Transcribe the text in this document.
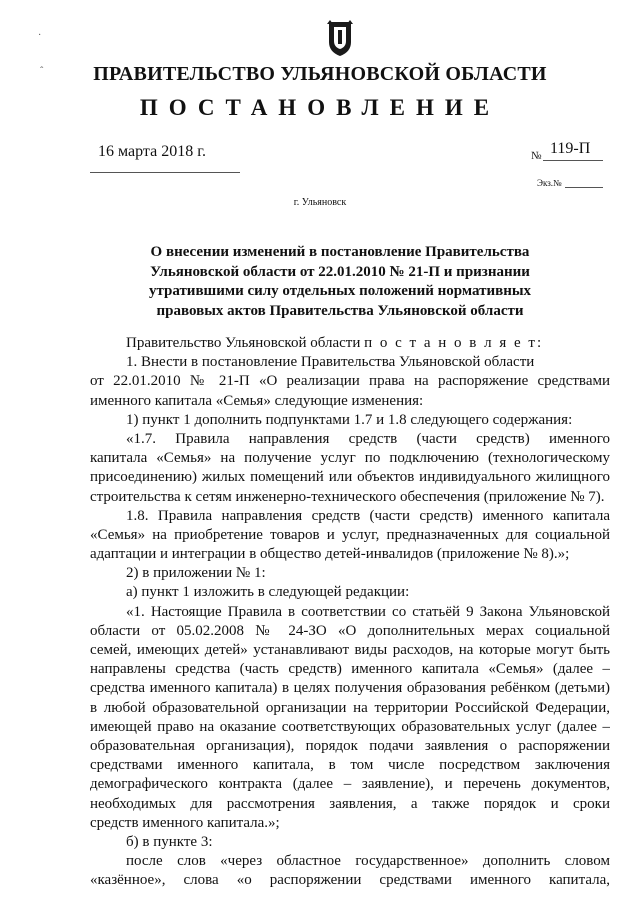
·
ˆ	ПРАВИТЕЛЬСТВО УЛЬЯНОВСКОЙ ОБЛАСТИ
ПОСТАНОВЛЕНИЕ
16 марта 2018 г.	№ 119-П
Экз.№
г. Ульяновск
О внесении изменений в постановление Правительства
Ульяновской области от 22.01.2010 № 21-П и признании
утратившими силу отдельных положений нормативных
правовых актов Правительства Ульяновской области
Правительство Ульяновской области п о с т а н о в л я е т:
1. Внести в постановление Правительства Ульяновской области
от 22.01.2010 № 21-П «О реализации права на распоряжение средствами
именного капитала «Семья» следующие изменения:
1) пункт 1 дополнить подпунктами 1.7 и 1.8 следующего содержания:
«1.7. Правила направления средств (части средств) именного
капитала «Семья» на получение услуг по подключению (технологическому
присоединению) жилых помещений или объектов индивидуального жилищного
строительства к сетям инженерно-технического обеспечения (приложение № 7).
1.8. Правила направления средств (части средств) именного капитала
«Семья» на приобретение товаров и услуг, предназначенных для социальной
адаптации и интеграции в общество детей-инвалидов (приложение № 8).»;
2) в приложении № 1:
а) пункт 1 изложить в следующей редакции:
«1. Настоящие Правила в соответствии со статьёй 9 Закона Ульяновской
области от 05.02.2008 № 24-ЗО «О дополнительных мерах социальной
семей, имеющих детей» устанавливают виды расходов, на которые могут быть
направлены средства (часть средств) именного капитала «Семья» (далее –
средства именного капитала) в целях получения образования ребёнком (детьми)
в любой образовательной организации на территории Российской Федерации,
имеющей право на оказание соответствующих образовательных услуг (далее –
образовательная организация), порядок подачи заявления о распоряжении
средствами именного капитала, в том числе посредством заключения
демографического контракта (далее – заявление), и перечень документов,
необходимых для рассмотрения заявления, а также порядок и сроки
средств именного капитала.»;
б) в пункте 3:
после слов «через областное государственное» дополнить словом
«казённое», слова «о распоряжении средствами именного капитала,
